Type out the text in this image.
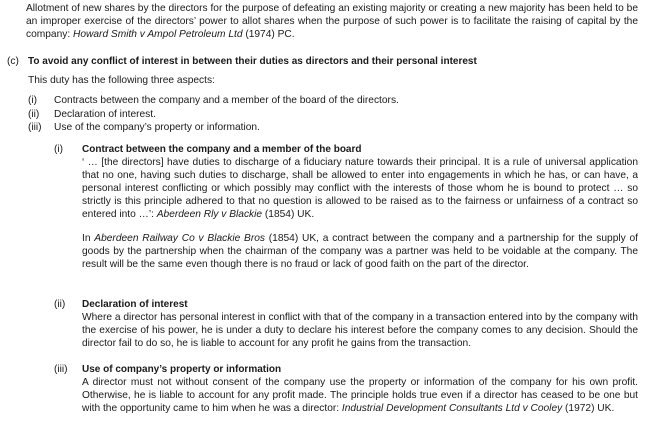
Allotment of new shares by the directors for the purpose of defeating an existing majority or creating a new majority has been held to be an improper exercise of the directors’ power to allot shares when the purpose of such power is to facilitate the raising of capital by the company: Howard Smith v Ampol Petroleum Ltd (1974) PC.

(c) To avoid any conflict of interest in between their duties as directors and their personal interest
This duty has the following three aspects:
(i) Contracts between the company and a member of the board of the directors.
(ii) Declaration of interest.
(iii) Use of the company’s property or information.
(i) Contract between the company and a member of the board

‘ … [the directors] have duties to discharge of a fiduciary nature towards their principal. It is a rule of universal application that no one, having such duties to discharge, shall be allowed to enter into engagements in which he has, or can have, a personal interest conflicting or which possibly may conflict with the interests of those whom he is bound to protect … so strictly is this principle adhered to that no question is allowed to be raised as to the fairness or unfairness of a contract so entered into …’: Aberdeen Rly v Blackie (1854) UK.

In Aberdeen Railway Co v Blackie Bros (1854) UK, a contract between the company and a partnership for the supply of goods by the partnership when the chairman of the company was a partner was held to be voidable at the company. The result will be the same even though there is no fraud or lack of good faith on the part of the director.

(ii) Declaration of interest

Where a director has personal interest in conflict with that of the company in a transaction entered into by the company with the exercise of his power, he is under a duty to declare his interest before the company comes to any decision. Should the director fail to do so, he is liable to account for any profit he gains from the transaction.

(iii) Use of company’s property or information

A director must not without consent of the company use the property or information of the company for his own profit. Otherwise, he is liable to account for any profit made. The principle holds true even if a director has ceased to be one but with the opportunity came to him when he was a director: Industrial Development Consultants Ltd v Cooley (1972) UK.
